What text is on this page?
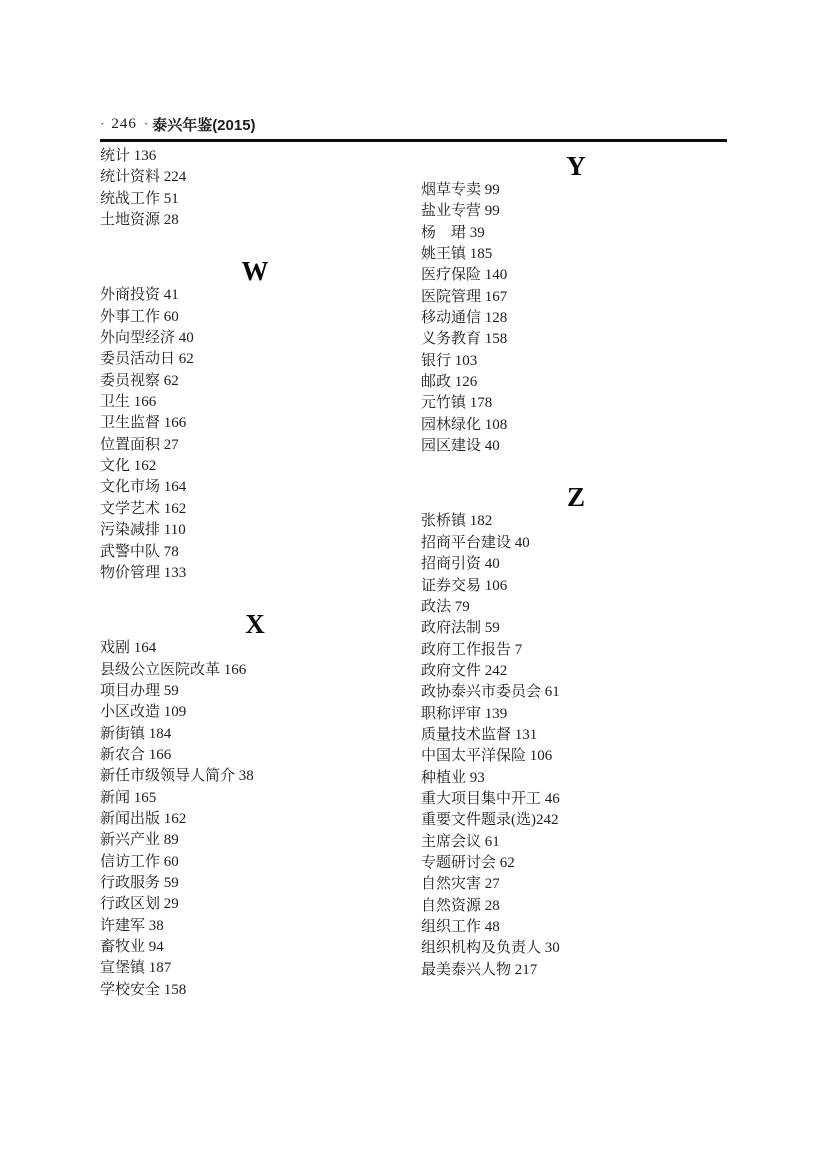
· 246 · 泰兴年鉴(2015)
统计 136
统计资料 224
统战工作 51
土地资源 28
W
外商投资 41
外事工作 60
外向型经济 40
委员活动日 62
委员视察 62
卫生 166
卫生监督 166
位置面积 27
文化 162
文化市场 164
文学艺术 162
污染减排 110
武警中队 78
物价管理 133
X
戏剧 164
县级公立医院改革 166
项目办理 59
小区改造 109
新街镇 184
新农合 166
新任市级领导人简介 38
新闻 165
新闻出版 162
新兴产业 89
信访工作 60
行政服务 59
行政区划 29
许建军 38
畜牧业 94
宣堡镇 187
学校安全 158
Y
烟草专卖 99
盐业专营 99
杨　珺 39
姚王镇 185
医疗保险 140
医院管理 167
移动通信 128
义务教育 158
银行 103
邮政 126
元竹镇 178
园林绿化 108
园区建设 40
Z
张桥镇 182
招商平台建设 40
招商引资 40
证券交易 106
政法 79
政府法制 59
政府工作报告 7
政府文件 242
政协泰兴市委员会 61
职称评审 139
质量技术监督 131
中国太平洋保险 106
种植业 93
重大项目集中开工 46
重要文件题录(选)242
主席会议 61
专题研讨会 62
自然灾害 27
自然资源 28
组织工作 48
组织机构及负责人 30
最美泰兴人物 217
